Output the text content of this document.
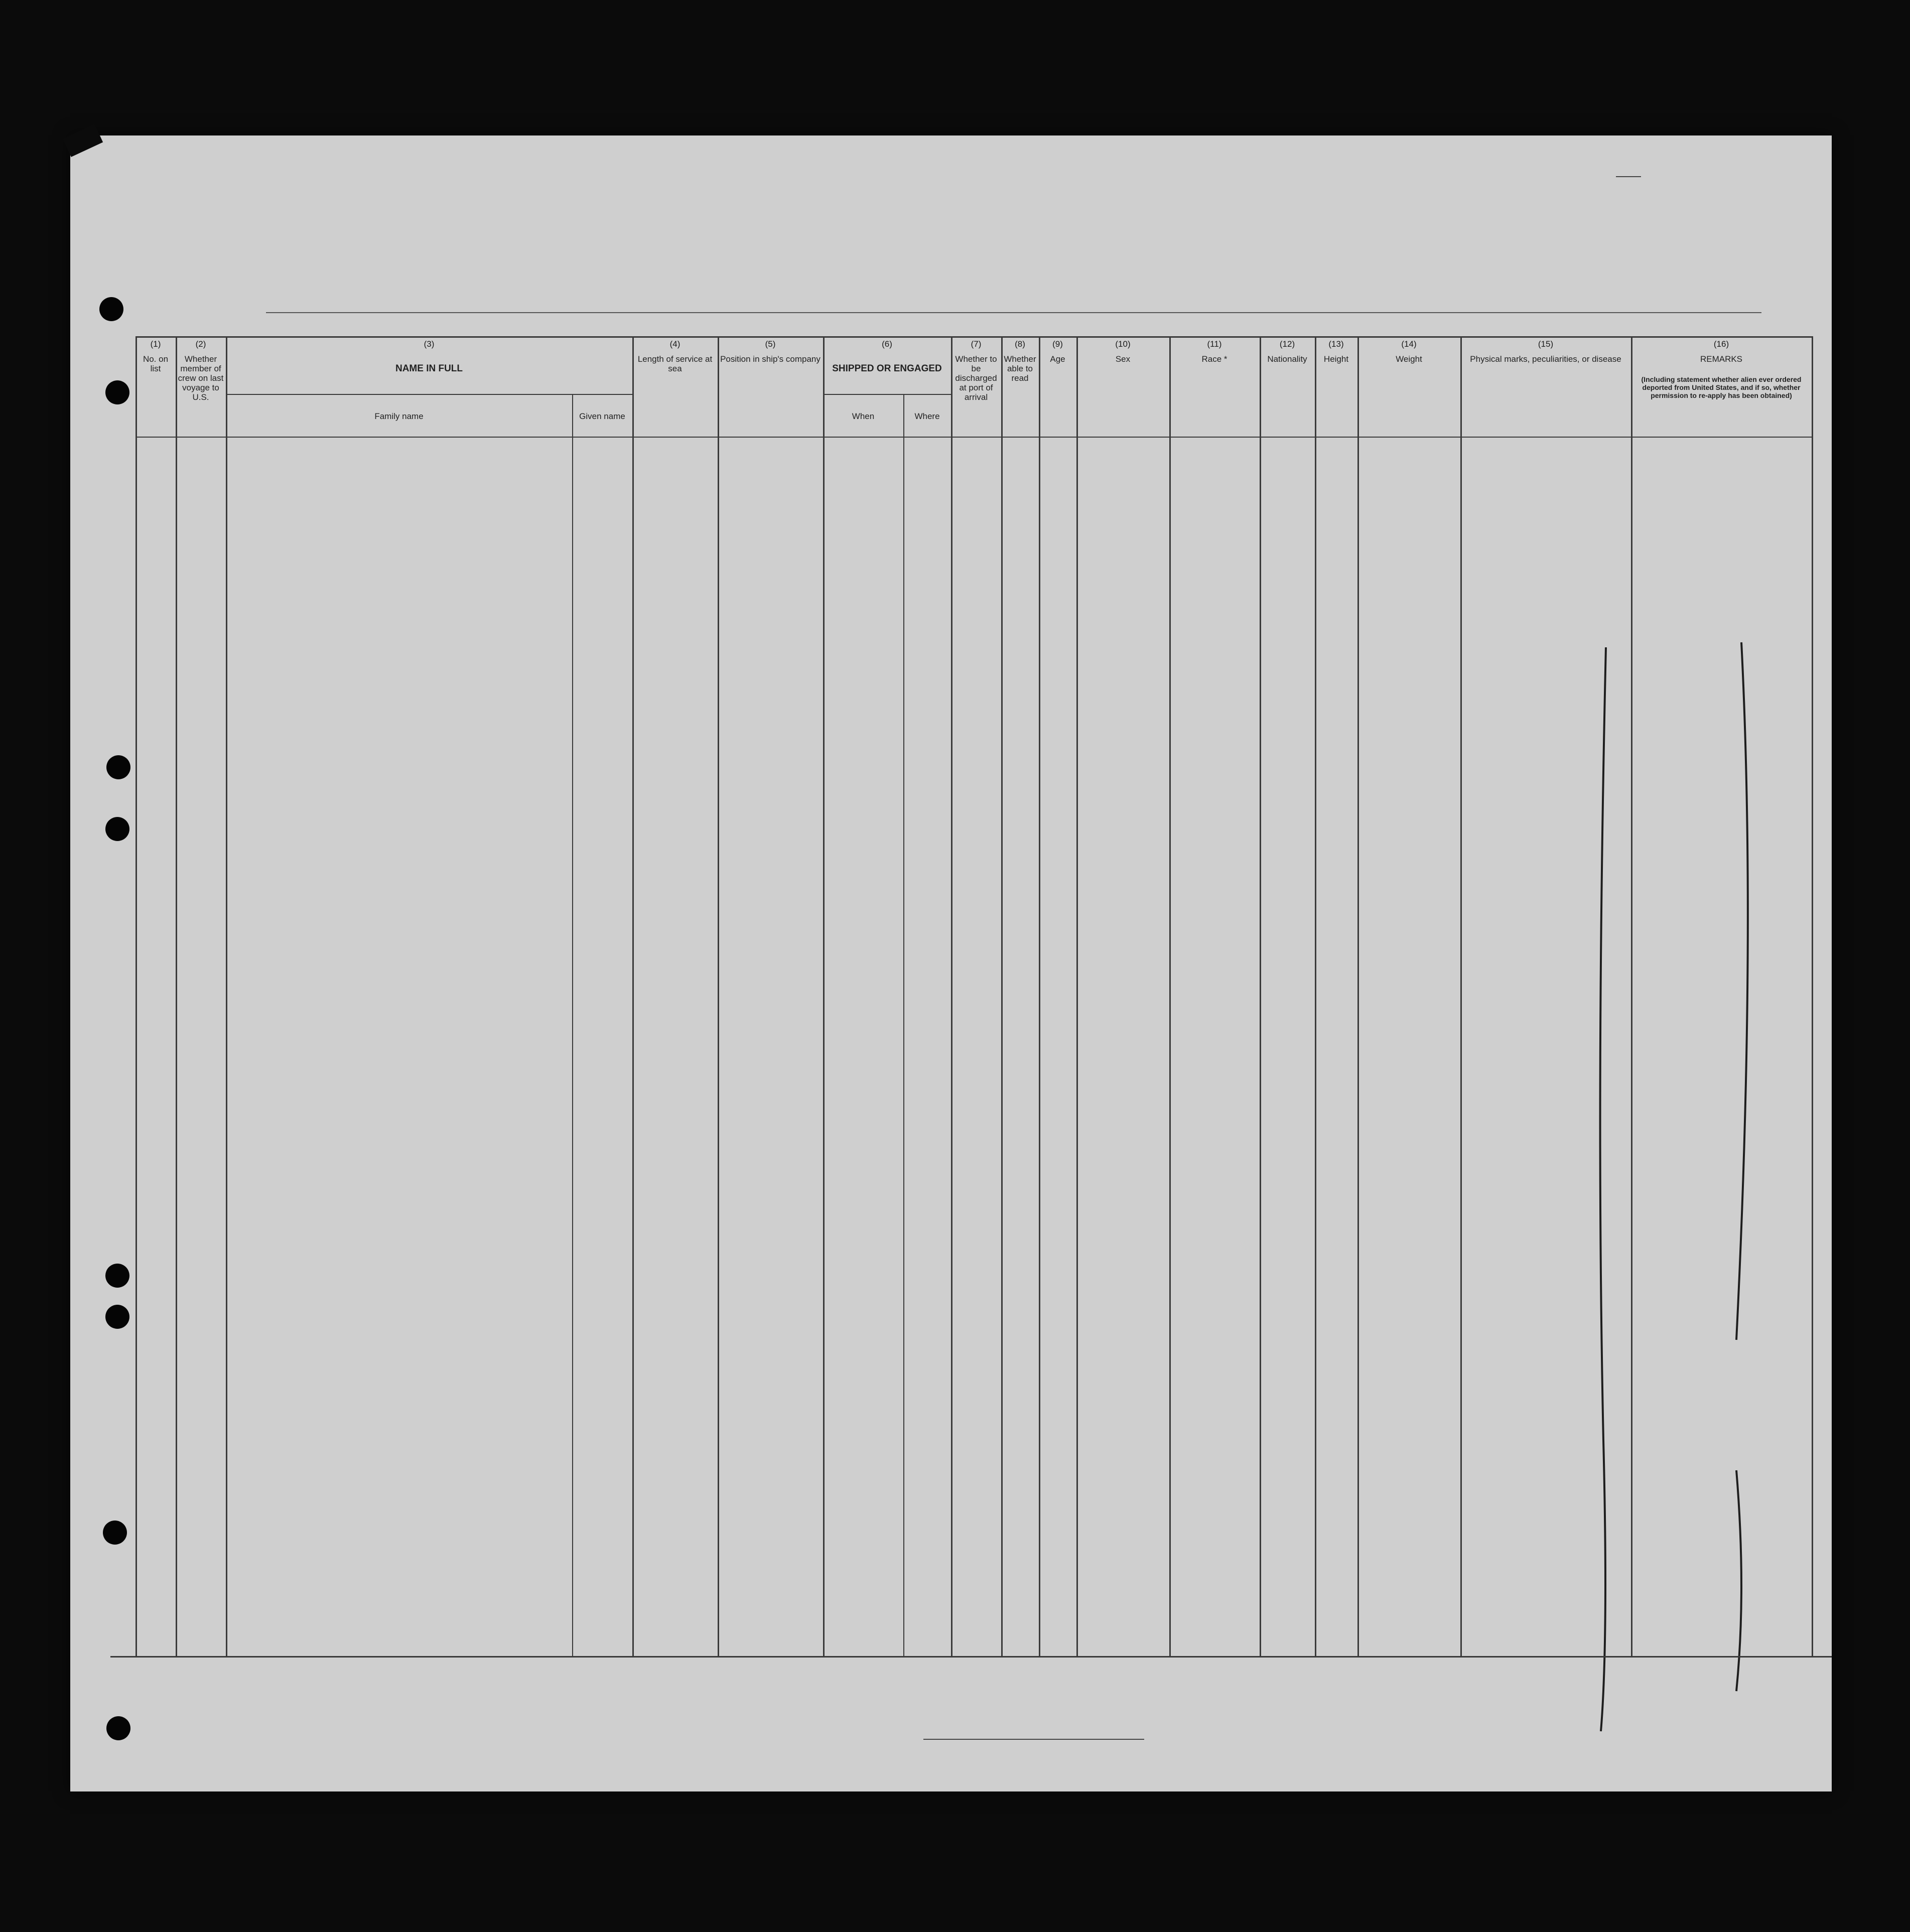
(1)
No. on list
(2)
Whether member of crew on last voyage to U.S.
(3)
NAME IN FULL
Family name	Given name
(4)
Length of service at sea
(5)
Position in ship's company
(6)
SHIPPED OR ENGAGED
When	Where
(7)
Whether to be discharged at port of arrival
(8)
Whether able to read
(9)
Age
(10)
Sex
(11)
Race *
(12)
Nationality
(13)
Height
(14)
Weight
(15)
Physical marks, peculiarities, or disease
(16)
REMARKS
(Including statement whether alien ever ordered deported from United States, and if so, whether permission to re-apply has been obtained)
